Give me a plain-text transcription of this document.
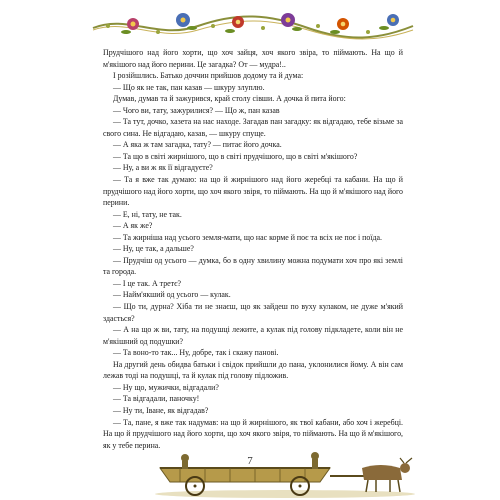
Прудчішого над його хорти, що хоч зайця, хоч якого звіра, то піймають. На що й м'якішого над його перини. Це загадка? От — мудра!..

І розійшлись. Батько доччин прийшов додому та й дума:

— Що як не так, пан казав — шкуру злуплю.

Думав, думав та й зажурився, край столу сівши. А дочка й пита його:

— Чого ви, тату, зажурилися? — Що ж, пан казав

— Та тут, дочко, хазета на нас находе. Загадав пан загадку: як відгадаю, тебе візьме за свого сина. Не відгадаю, казав, — шкуру спуще.

— А яка ж там загадка, тату? — питає його дочка.

— Та що в світі жирнішого, що в світі прудчішого, що в світі м'якішого?

— Ну, а ви ж як її відгадуєте?

— Та я вже так думаю: на що й жирнішого над його жеребці та кабани. На що й прудчішого над його хорти, що хоч якого звіря, то піймають. На що й м'якішого над його перини.

— Е, ні, тату, не так.

— А як же?

— Та жирніша над усього земля-мати, що нас корме й поє та всіх не поє і поїда.

— Ну, це так, а дальше?

— Прудчіш од усього — думка, бо в одну хвилину можна подумати хоч про які землі та города.

— І це так. А третє?

— Найм'якший од усього — кулак.

— Що ти, дурна? Хіба ти не знаєш, що як зайдеш по вуху кулаком, не дуже м'який здасться?

— А на що ж ви, тату, на подушці лежите, а кулак під голову підкладете, коли він не м'якішний од подушки?

— Та воно-то так... Ну, добре, так і скажу панові.

На другий день обидва батьки і свідок прийшли до пана, уклонилися йому. А він сам лежав тоді на подушці, та й кулак під голову підложив.

— Ну що, мужички, відгадали?

— Та відгадали, паночку!

— Ну ти, Іване, як відгадав?

— Та, пане, я вже так надумав: на що й жирнішого, як твої кабани, або хоч і жеребці. На що й прудчішого над його хорти, що хоч якого звіря, то піймають. На що й м'якішого, як у тебе перина.

7
